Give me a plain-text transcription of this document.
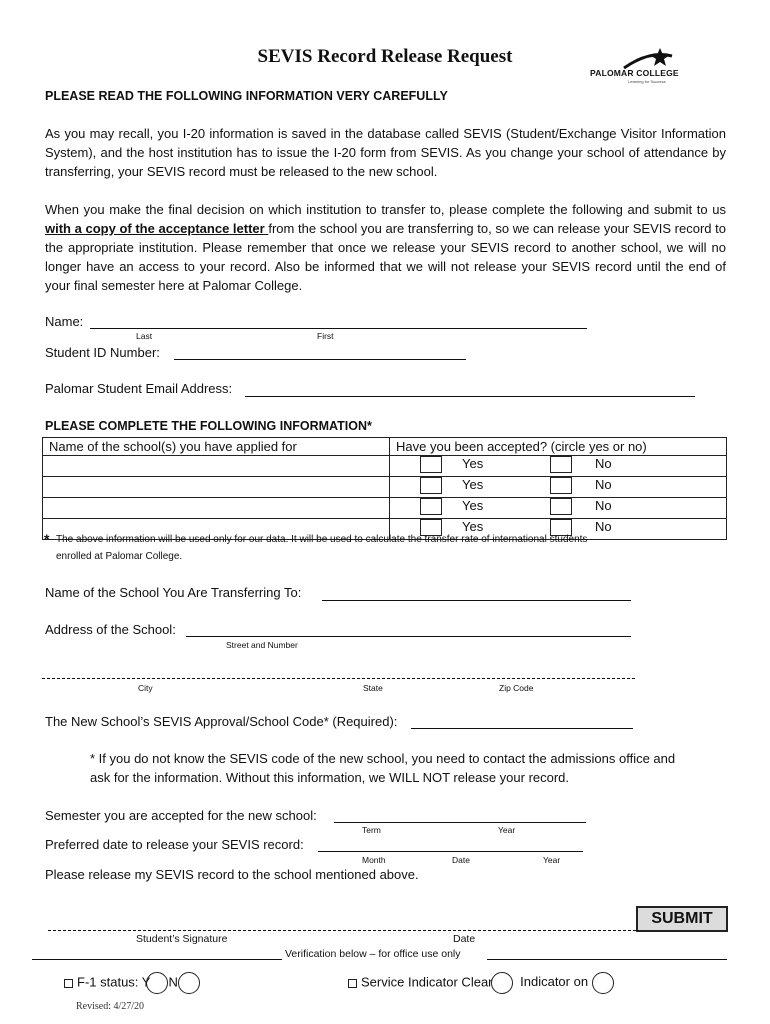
SEVIS Record Release Request
PALOMAR COLLEGE
Learning for Success
PLEASE READ THE FOLLOWING INFORMATION VERY CAREFULLY
As you may recall, you I-20 information is saved in the database called SEVIS (Student/Exchange Visitor Information System), and the host institution has to issue the I-20 form from SEVIS. As you change your school of attendance by transferring, your SEVIS record must be released to the new school.
When you make the final decision on which institution to transfer to, please complete the following and submit to us with a copy of the acceptance letter from the school you are transferring to, so we can release your SEVIS record to the appropriate institution. Please remember that once we release your SEVIS record to another school, we will no longer have an access to your record. Also be informed that we will not release your SEVIS record until the end of your final semester here at Palomar College.
Name:
Last	First
Student ID Number:
Palomar Student Email Address:
PLEASE COMPLETE THE FOLLOWING INFORMATION*
Name of the school(s) you have applied for	Have you been accepted? (circle yes or no)

	Yes No

	Yes No

	Yes No

	Yes No
* The above information will be used only for our data. It will be used to calculate the transfer rate of international students
enrolled at Palomar College.
Name of the School You Are Transferring To:
Address of the School:
Street and Number
City	State	Zip Code
The New School’s SEVIS Approval/School Code* (Required):
* If you do not know the SEVIS code of the new school, you need to contact the admissions office and
ask for the information. Without this information, we WILL NOT release your record.
Semester you are accepted for the new school:
Term	Year
Preferred date to release your SEVIS record:
Month	Date	Year
Please release my SEVIS record to the school mentioned above.
SUBMIT
Student’s Signature	Date
Verification below – for office use only
F-1 status: Y N	Service Indicator Clear Indicator on
Revised: 4/27/20
